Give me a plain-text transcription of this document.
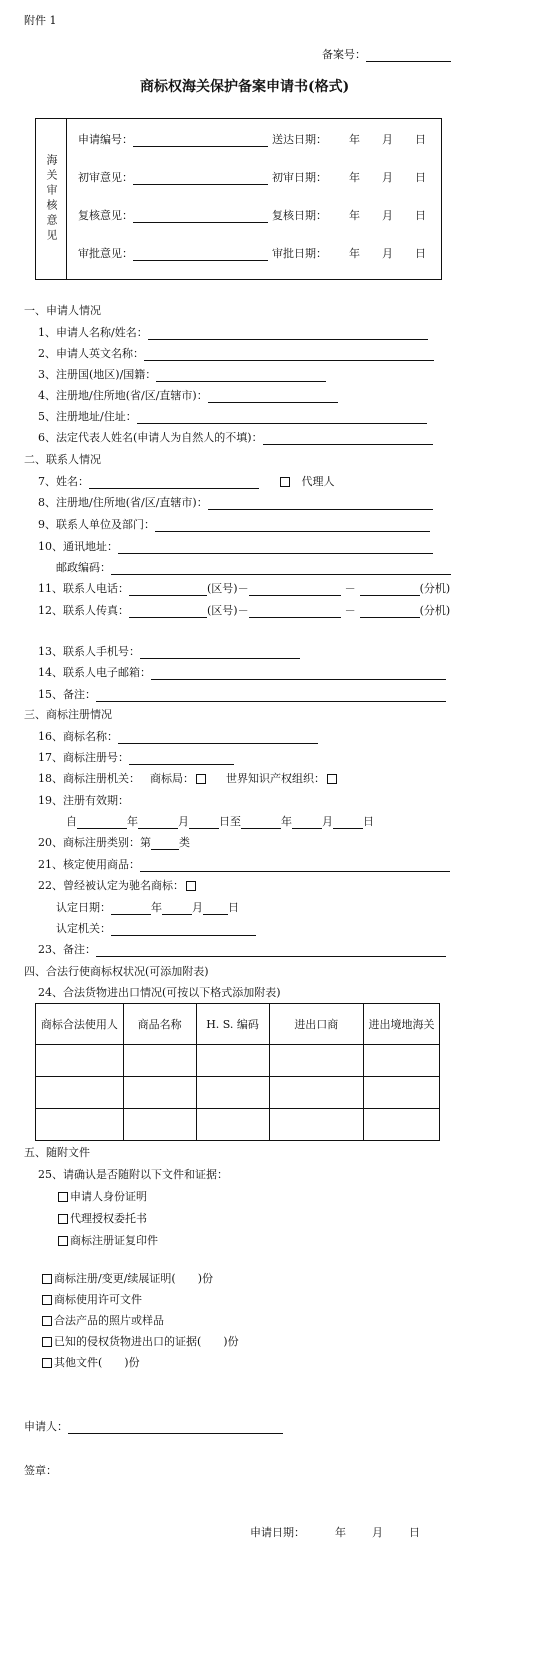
附件 1
备案号：
商标权海关保护备案申请书(格式)
海关审核意见
申请编号：	送达日期： 年 月 日
初审意见：	初审日期： 年 月 日
复核意见：	复核日期： 年 月 日
审批意见：	审批日期： 年 月 日
一、申请人情况
1、申请人名称/姓名：
2、申请人英文名称：
3、注册国(地区)/国籍：
4、注册地/住所地(省/区/直辖市)：
5、注册地址/住址：
6、法定代表人姓名(申请人为自然人的不填)：
二、联系人情况
7、姓名：	代理人
8、注册地/住所地(省/区/直辖市)：
9、联系人单位及部门：
10、通讯地址：
邮政编码：
11、联系人电话：	(区号)－	－	(分机)
12、联系人传真：	(区号)－	－	(分机)
13、联系人手机号：
14、联系人电子邮箱：
15、备注：
三、商标注册情况
16、商标名称：
17、商标注册号：
18、商标注册机关： 商标局：	世界知识产权组织：
19、注册有效期：
自	年	月	日至	年	月	日
20、商标注册类别：第	类
21、核定使用商品：
22、曾经被认定为驰名商标：
认定日期：	年	月 日
认定机关：
23、备注：
四、合法行使商标权状况(可添加附表)
24、合法货物进出口情况(可按以下格式添加附表)
商标合法使用人	商品名称	H. S. 编码	进出口商	进出境地海关

五、随附文件
25、请确认是否随附以下文件和证据：
申请人身份证明
代理授权委托书
商标注册证复印件
商标注册/变更/续展证明(　　)份
商标使用许可文件
合法产品的照片或样品
已知的侵权货物进出口的证据(　　)份
其他文件(　　)份
申请人：
签章：
申请日期：	年 月 日
